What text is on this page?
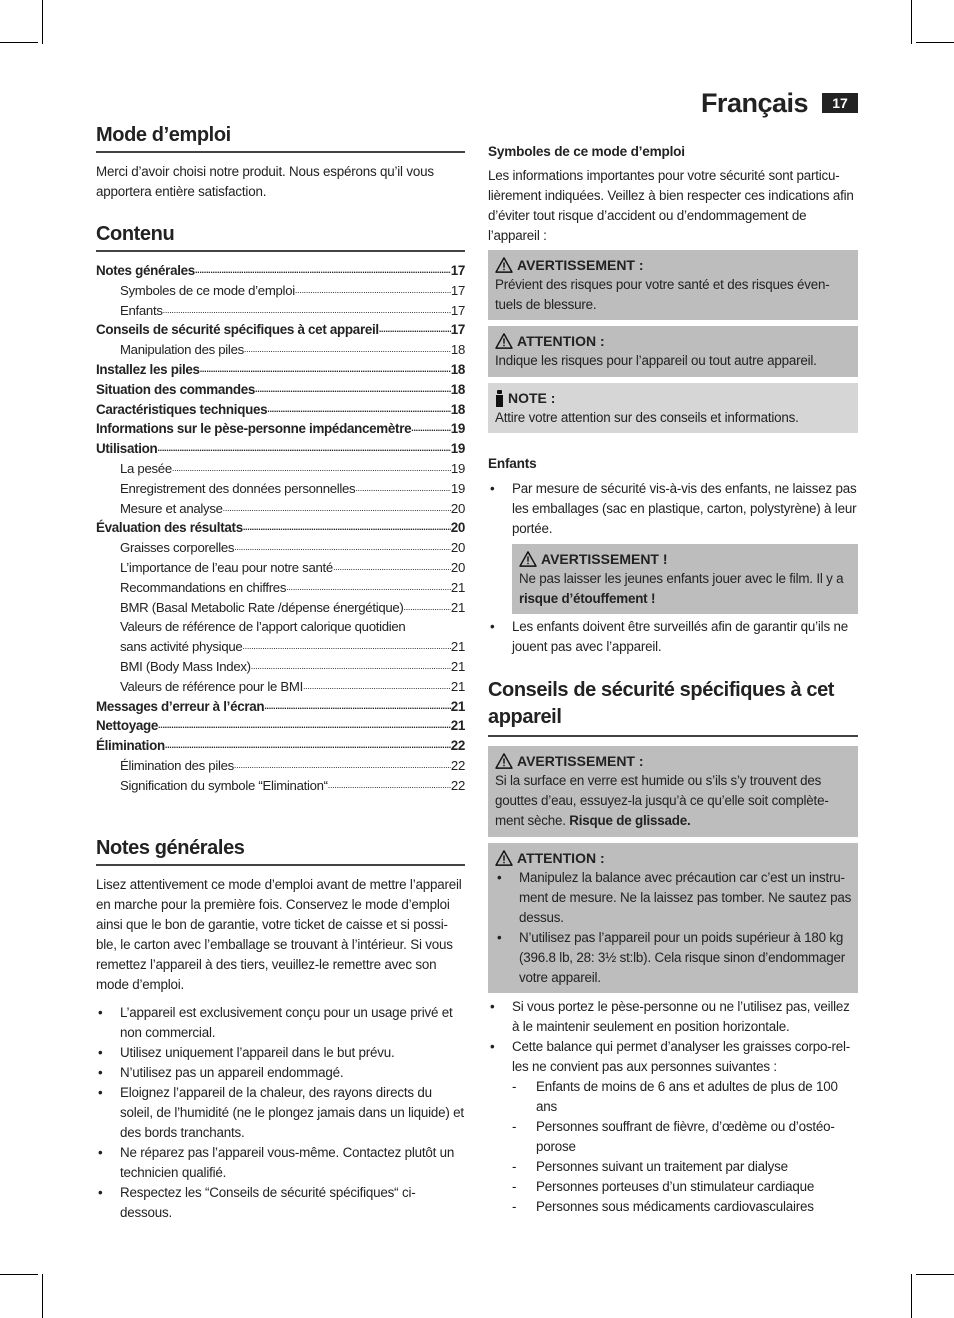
Français	17
Mode d’emploi
Merci d’avoir choisi notre produit. Nous espérons qu’il vous apportera entière satisfaction.
Contenu
Notes générales .....	17
Symboles de ce mode d’emploi .....	17
Enfants .....	17
Conseils de sécurité spécifiques à cet appareil .....	17
Manipulation des piles .....	18
Installez les piles .....	18
Situation des commandes .....	18
Caractéristiques techniques .....	18
Informations sur le pèse-personne impédancemètre .....	19
Utilisation .....	19
La pesée .....	19
Enregistrement des données personnelles .....	19
Mesure et analyse .....	20
Évaluation des résultats .....	20
Graisses corporelles .....	20
L’importance de l’eau pour notre santé .....	20
Recommandations en chiffres .....	21
BMR (Basal Metabolic Rate /dépense énergétique) .....	21
Valeurs de référence de l’apport calorique quotidien
sans activité physique .....	21
BMI (Body Mass Index) .....	21
Valeurs de référence pour le BMI .....	21
Messages d’erreur à l’écran .....	21
Nettoyage .....	21
Élimination .....	22
Élimination des piles .....	22
Signification du symbole “Elimination“ .....	22
Notes générales
Lisez attentivement ce mode d’emploi avant de mettre l’appareil en marche pour la première fois. Conservez le mode d’emploi ainsi que le bon de garantie, votre ticket de caisse et si possi-ble, le carton avec l’emballage se trouvant à l’intérieur. Si vous remettez l’appareil à des tiers, veuillez-le remettre avec son mode d’emploi.
• L’appareil est exclusivement conçu pour un usage privé et non commercial.
• Utilisez uniquement l’appareil dans le but prévu.
• N’utilisez pas un appareil endommagé.
• Eloignez l’appareil de la chaleur, des rayons directs du soleil, de l’humidité (ne le plongez jamais dans un liquide) et des bords tranchants.
• Ne réparez pas l’appareil vous-même. Contactez plutôt un technicien qualifié.
• Respectez les “Conseils de sécurité spécifiques“ ci-dessous.
Symboles de ce mode d’emploi
Les informations importantes pour votre sécurité sont particu-lièrement indiquées. Veillez à bien respecter ces indications afin d’éviter tout risque d’accident ou d’endommagement de l’appareil :
AVERTISSEMENT :
Prévient des risques pour votre santé et des risques éven-tuels de blessure.
ATTENTION :
Indique les risques pour l’appareil ou tout autre appareil.
NOTE :
Attire votre attention sur des conseils et informations.
Enfants
• Par mesure de sécurité vis-à-vis des enfants, ne laissez pas les emballages (sac en plastique, carton, polystyrène) à leur portée.
AVERTISSEMENT !
Ne pas laisser les jeunes enfants jouer avec le film. Il y a risque d’étouffement !
• Les enfants doivent être surveillés afin de garantir qu’ils ne jouent pas avec l’appareil.
Conseils de sécurité spécifiques à cet appareil
AVERTISSEMENT :
Si la surface en verre est humide ou s’ils s’y trouvent des gouttes d’eau, essuyez-la jusqu’à ce qu’elle soit complète-ment sèche. Risque de glissade.
ATTENTION :
• Manipulez la balance avec précaution car c’est un instru-ment de mesure. Ne la laissez pas tomber. Ne sautez pas dessus.
• N’utilisez pas l’appareil pour un poids supérieur à 180 kg (396.8 lb, 28: 3½ st:lb). Cela risque sinon d’endommager votre appareil.
• Si vous portez le pèse-personne ou ne l’utilisez pas, veillez à le maintenir seulement en position horizontale.
• Cette balance qui permet d’analyser les graisses corpo-rel-les ne convient pas aux personnes suivantes :
- Enfants de moins de 6 ans et adultes de plus de 100 ans
- Personnes souffrant de fièvre, d’œdème ou d’ostéo-porose
- Personnes suivant un traitement par dialyse
- Personnes porteuses d’un stimulateur cardiaque
- Personnes sous médicaments cardiovasculaires
